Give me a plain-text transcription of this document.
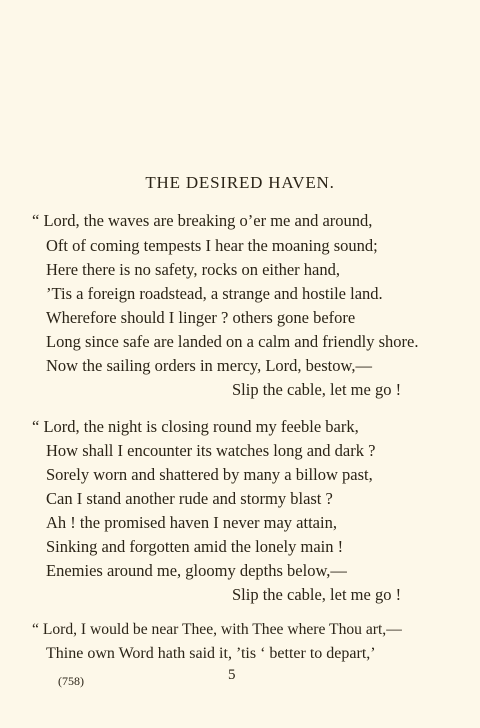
THE DESIRED HAVEN.
“ Lord, the waves are breaking o’er me and around,
Oft of coming tempests I hear the moaning sound;
Here there is no safety, rocks on either hand,
’Tis a foreign roadstead, a strange and hostile land.
Wherefore should I linger ? others gone before
Long since safe are landed on a calm and friendly shore.
Now the sailing orders in mercy, Lord, bestow,—
Slip the cable, let me go !
“ Lord, the night is closing round my feeble bark,
How shall I encounter its watches long and dark ?
Sorely worn and shattered by many a billow past,
Can I stand another rude and stormy blast ?
Ah ! the promised haven I never may attain,
Sinking and forgotten amid the lonely main !
Enemies around me, gloomy depths below,—
Slip the cable, let me go !
“ Lord, I would be near Thee, with Thee where Thou art,—
Thine own Word hath said it, ’tis ‘ better to depart,’
(758)	5
